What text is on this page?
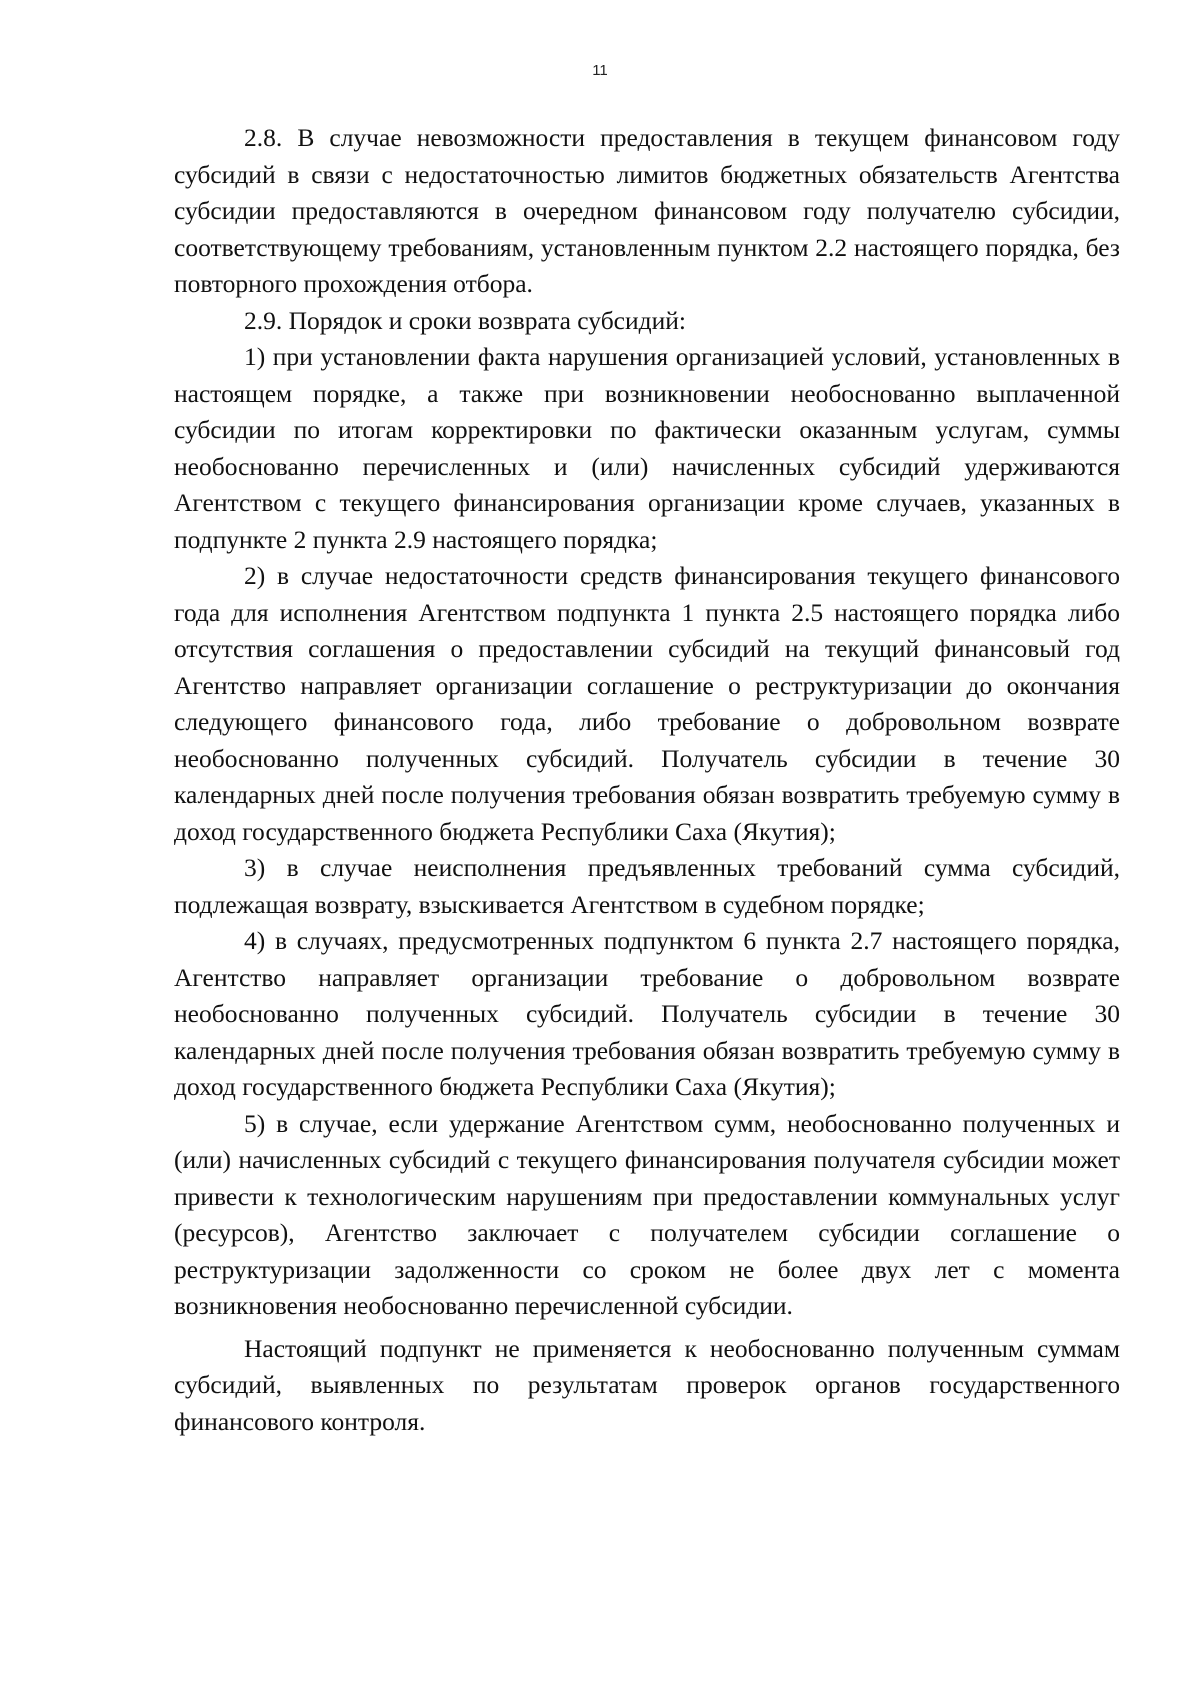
11

2.8. В случае невозможности предоставления в текущем финансовом году субсидий в связи с недостаточностью лимитов бюджетных обязательств Агентства субсидии предоставляются в очередном финансовом году получателю субсидии, соответствующему требованиям, установленным пунктом 2.2 настоящего порядка, без повторного прохождения отбора.

2.9. Порядок и сроки возврата субсидий:

1) при установлении факта нарушения организацией условий, установленных в настоящем порядке, а также при возникновении необоснованно выплаченной субсидии по итогам корректировки по фактически оказанным услугам, суммы необоснованно перечисленных и (или) начисленных субсидий удерживаются Агентством с текущего финансирования организации кроме случаев, указанных в подпункте 2 пункта 2.9 настоящего порядка;

2) в случае недостаточности средств финансирования текущего финансового года для исполнения Агентством подпункта 1 пункта 2.5 настоящего порядка либо отсутствия соглашения о предоставлении субсидий на текущий финансовый год Агентство направляет организации соглашение о реструктуризации до окончания следующего финансового года, либо требование о добровольном возврате необоснованно полученных субсидий. Получатель субсидии в течение 30 календарных дней после получения требования обязан возвратить требуемую сумму в доход государственного бюджета Республики Саха (Якутия);

3) в случае неисполнения предъявленных требований сумма субсидий, подлежащая возврату, взыскивается Агентством в судебном порядке;

4) в случаях, предусмотренных подпунктом 6 пункта 2.7 настоящего порядка, Агентство направляет организации требование о добровольном возврате необоснованно полученных субсидий. Получатель субсидии в течение 30 календарных дней после получения требования обязан возвратить требуемую сумму в доход государственного бюджета Республики Саха (Якутия);

5) в случае, если удержание Агентством сумм, необоснованно полученных и (или) начисленных субсидий с текущего финансирования получателя субсидии может привести к технологическим нарушениям при предоставлении коммунальных услуг (ресурсов), Агентство заключает с получателем субсидии соглашение о реструктуризации задолженности со сроком не более двух лет с момента возникновения необоснованно перечисленной субсидии.

Настоящий подпункт не применяется к необоснованно полученным суммам субсидий, выявленных по результатам проверок органов государственного финансового контроля.
